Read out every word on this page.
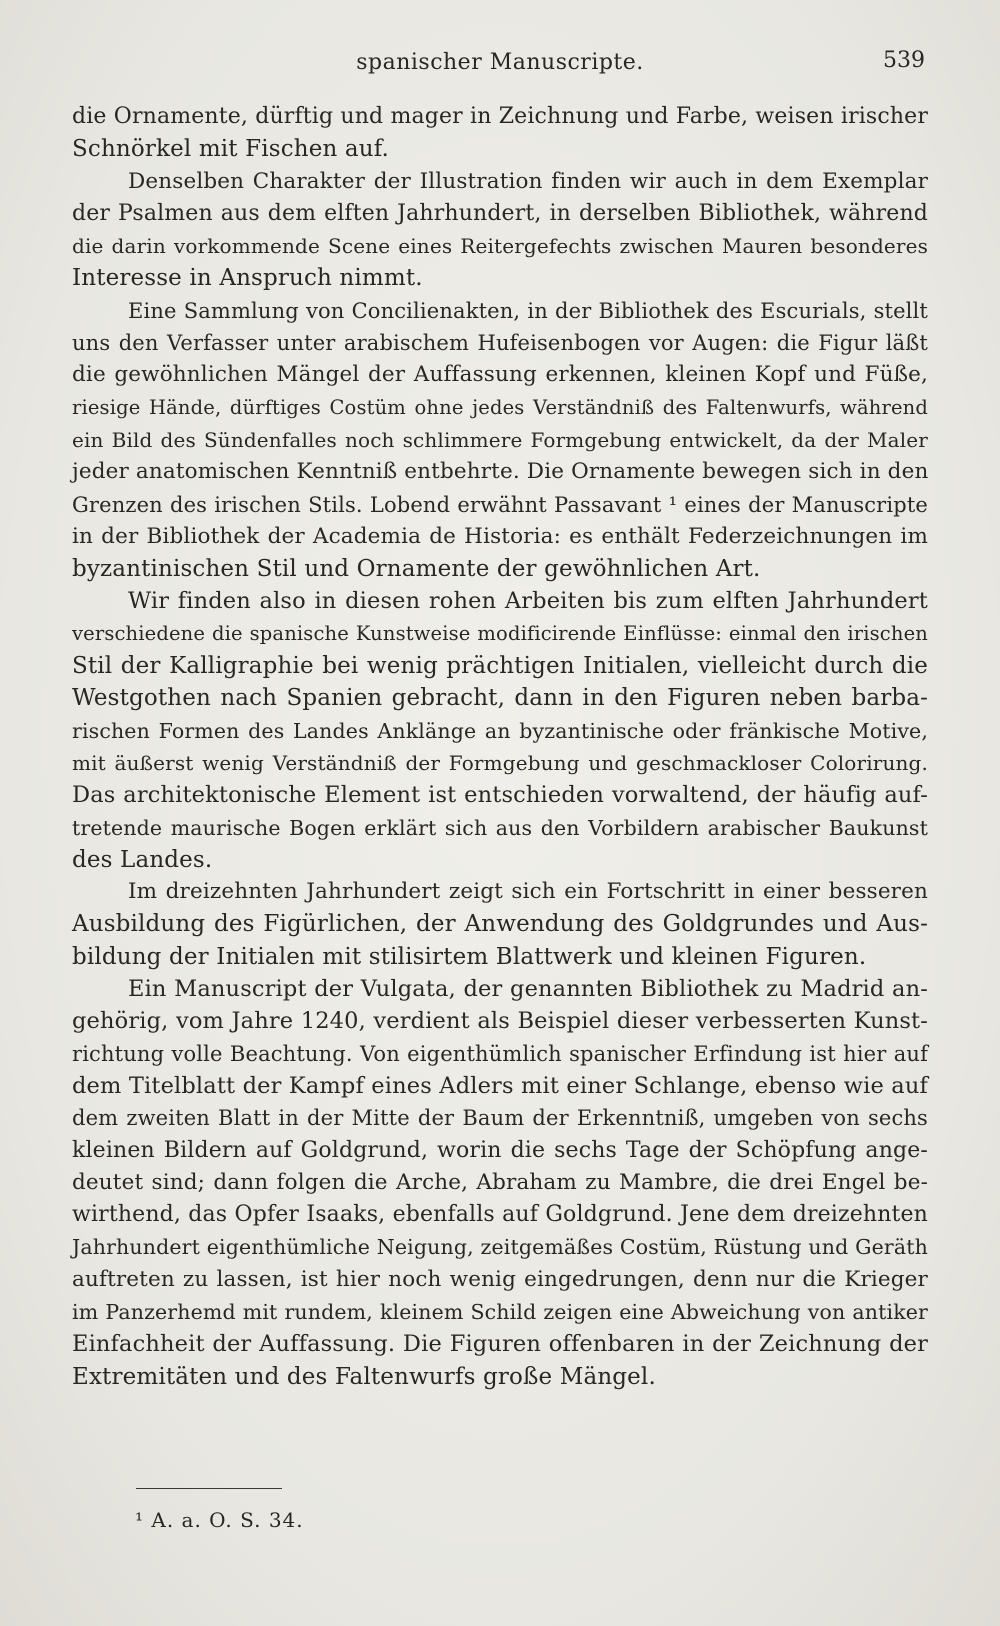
spanischer Manuscripte.	539
die Ornamente, dürftig und mager in Zeichnung und Farbe, weisen irischer
Schnörkel mit Fischen auf.
Denselben Charakter der Illustration finden wir auch in dem Exemplar
der Psalmen aus dem elften Jahrhundert, in derselben Bibliothek, während
die darin vorkommende Scene eines Reitergefechts zwischen Mauren besonderes
Interesse in Anspruch nimmt.
Eine Sammlung von Concilienakten, in der Bibliothek des Escurials, stellt
uns den Verfasser unter arabischem Hufeisenbogen vor Augen: die Figur läßt
die gewöhnlichen Mängel der Auffassung erkennen, kleinen Kopf und Füße,
riesige Hände, dürftiges Costüm ohne jedes Verständniß des Faltenwurfs, während
ein Bild des Sündenfalles noch schlimmere Formgebung entwickelt, da der Maler
jeder anatomischen Kenntniß entbehrte. Die Ornamente bewegen sich in den
Grenzen des irischen Stils. Lobend erwähnt Passavant ¹ eines der Manuscripte
in der Bibliothek der Academia de Historia: es enthält Federzeichnungen im
byzantinischen Stil und Ornamente der gewöhnlichen Art.
Wir finden also in diesen rohen Arbeiten bis zum elften Jahrhundert
verschiedene die spanische Kunstweise modificirende Einflüsse: einmal den irischen
Stil der Kalligraphie bei wenig prächtigen Initialen, vielleicht durch die
Westgothen nach Spanien gebracht, dann in den Figuren neben barba-
rischen Formen des Landes Anklänge an byzantinische oder fränkische Motive,
mit äußerst wenig Verständniß der Formgebung und geschmackloser Colorirung.
Das architektonische Element ist entschieden vorwaltend, der häufig auf-
tretende maurische Bogen erklärt sich aus den Vorbildern arabischer Baukunst
des Landes.
Im dreizehnten Jahrhundert zeigt sich ein Fortschritt in einer besseren
Ausbildung des Figürlichen, der Anwendung des Goldgrundes und Aus-
bildung der Initialen mit stilisirtem Blattwerk und kleinen Figuren.
Ein Manuscript der Vulgata, der genannten Bibliothek zu Madrid an-
gehörig, vom Jahre 1240, verdient als Beispiel dieser verbesserten Kunst-
richtung volle Beachtung. Von eigenthümlich spanischer Erfindung ist hier auf
dem Titelblatt der Kampf eines Adlers mit einer Schlange, ebenso wie auf
dem zweiten Blatt in der Mitte der Baum der Erkenntniß, umgeben von sechs
kleinen Bildern auf Goldgrund, worin die sechs Tage der Schöpfung ange-
deutet sind; dann folgen die Arche, Abraham zu Mambre, die drei Engel be-
wirthend, das Opfer Isaaks, ebenfalls auf Goldgrund. Jene dem dreizehnten
Jahrhundert eigenthümliche Neigung, zeitgemäßes Costüm, Rüstung und Geräth
auftreten zu lassen, ist hier noch wenig eingedrungen, denn nur die Krieger
im Panzerhemd mit rundem, kleinem Schild zeigen eine Abweichung von antiker
Einfachheit der Auffassung. Die Figuren offenbaren in der Zeichnung der
Extremitäten und des Faltenwurfs große Mängel.
¹ A. a. O. S. 34.
